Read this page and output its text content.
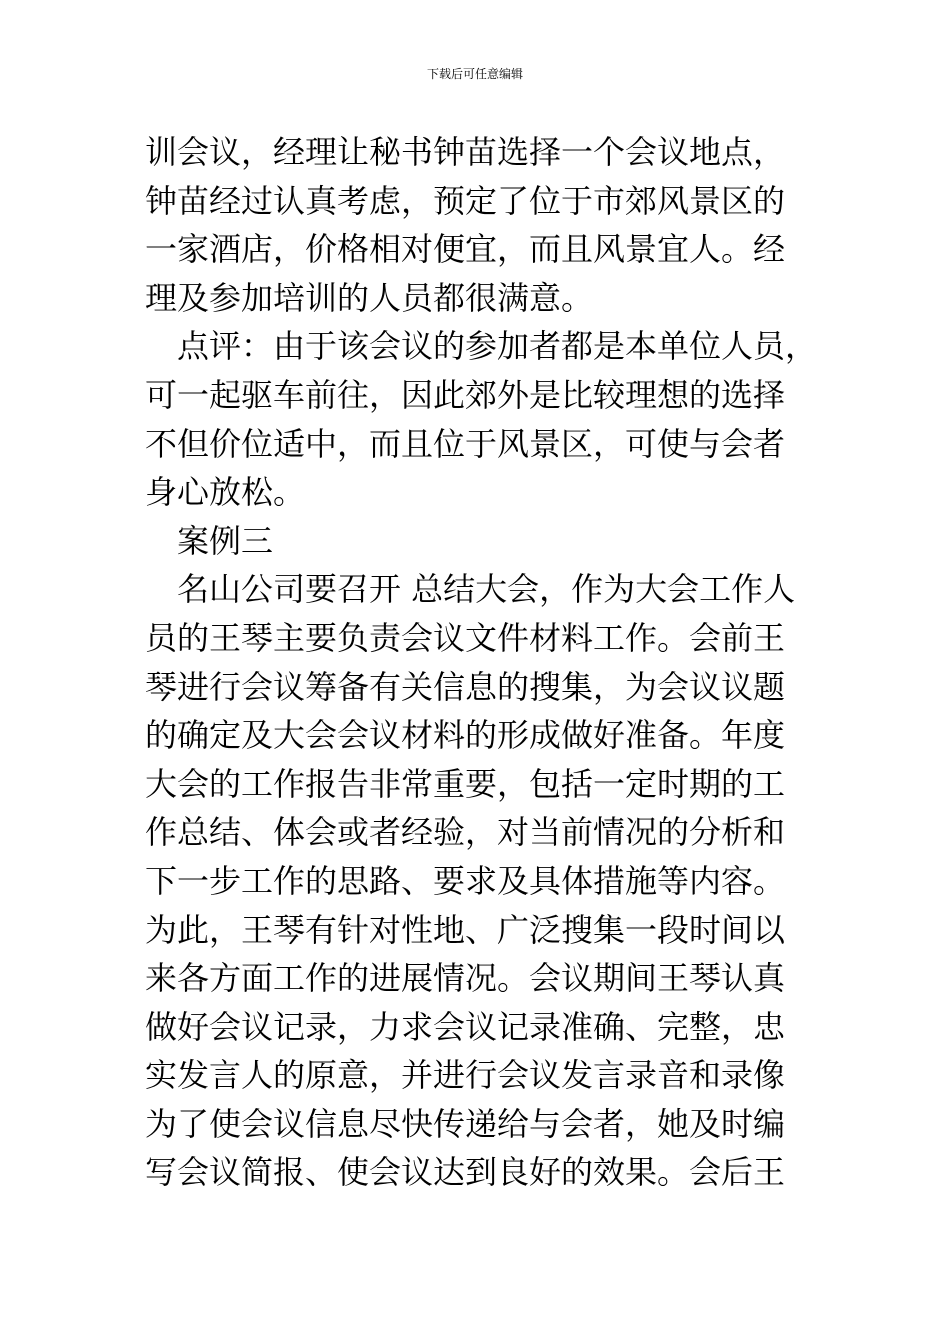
下载后可任意编辑
训会议，经理让秘书钟苗选择一个会议地点，
钟苗经过认真考虑，预定了位于市郊风景区的
一家酒店，价格相对便宜，而且风景宜人。经
理及参加培训的人员都很满意。
点评：由于该会议的参加者都是本单位人员，
可一起驱车前往，因此郊外是比较理想的选择
不但价位适中，而且位于风景区，可使与会者
身心放松。
案例三
名山公司要召开 总结大会，作为大会工作人
员的王琴主要负责会议文件材料工作。会前王
琴进行会议筹备有关信息的搜集，为会议议题
的确定及大会会议材料的形成做好准备。年度
大会的工作报告非常重要，包括一定时期的工
作总结、体会或者经验，对当前情况的分析和
下一步工作的思路、要求及具体措施等内容。
为此，王琴有针对性地、广泛搜集一段时间以
来各方面工作的进展情况。会议期间王琴认真
做好会议记录，力求会议记录准确、完整，忠
实发言人的原意，并进行会议发言录音和录像
为了使会议信息尽快传递给与会者，她及时编
写会议简报、使会议达到良好的效果。会后王
